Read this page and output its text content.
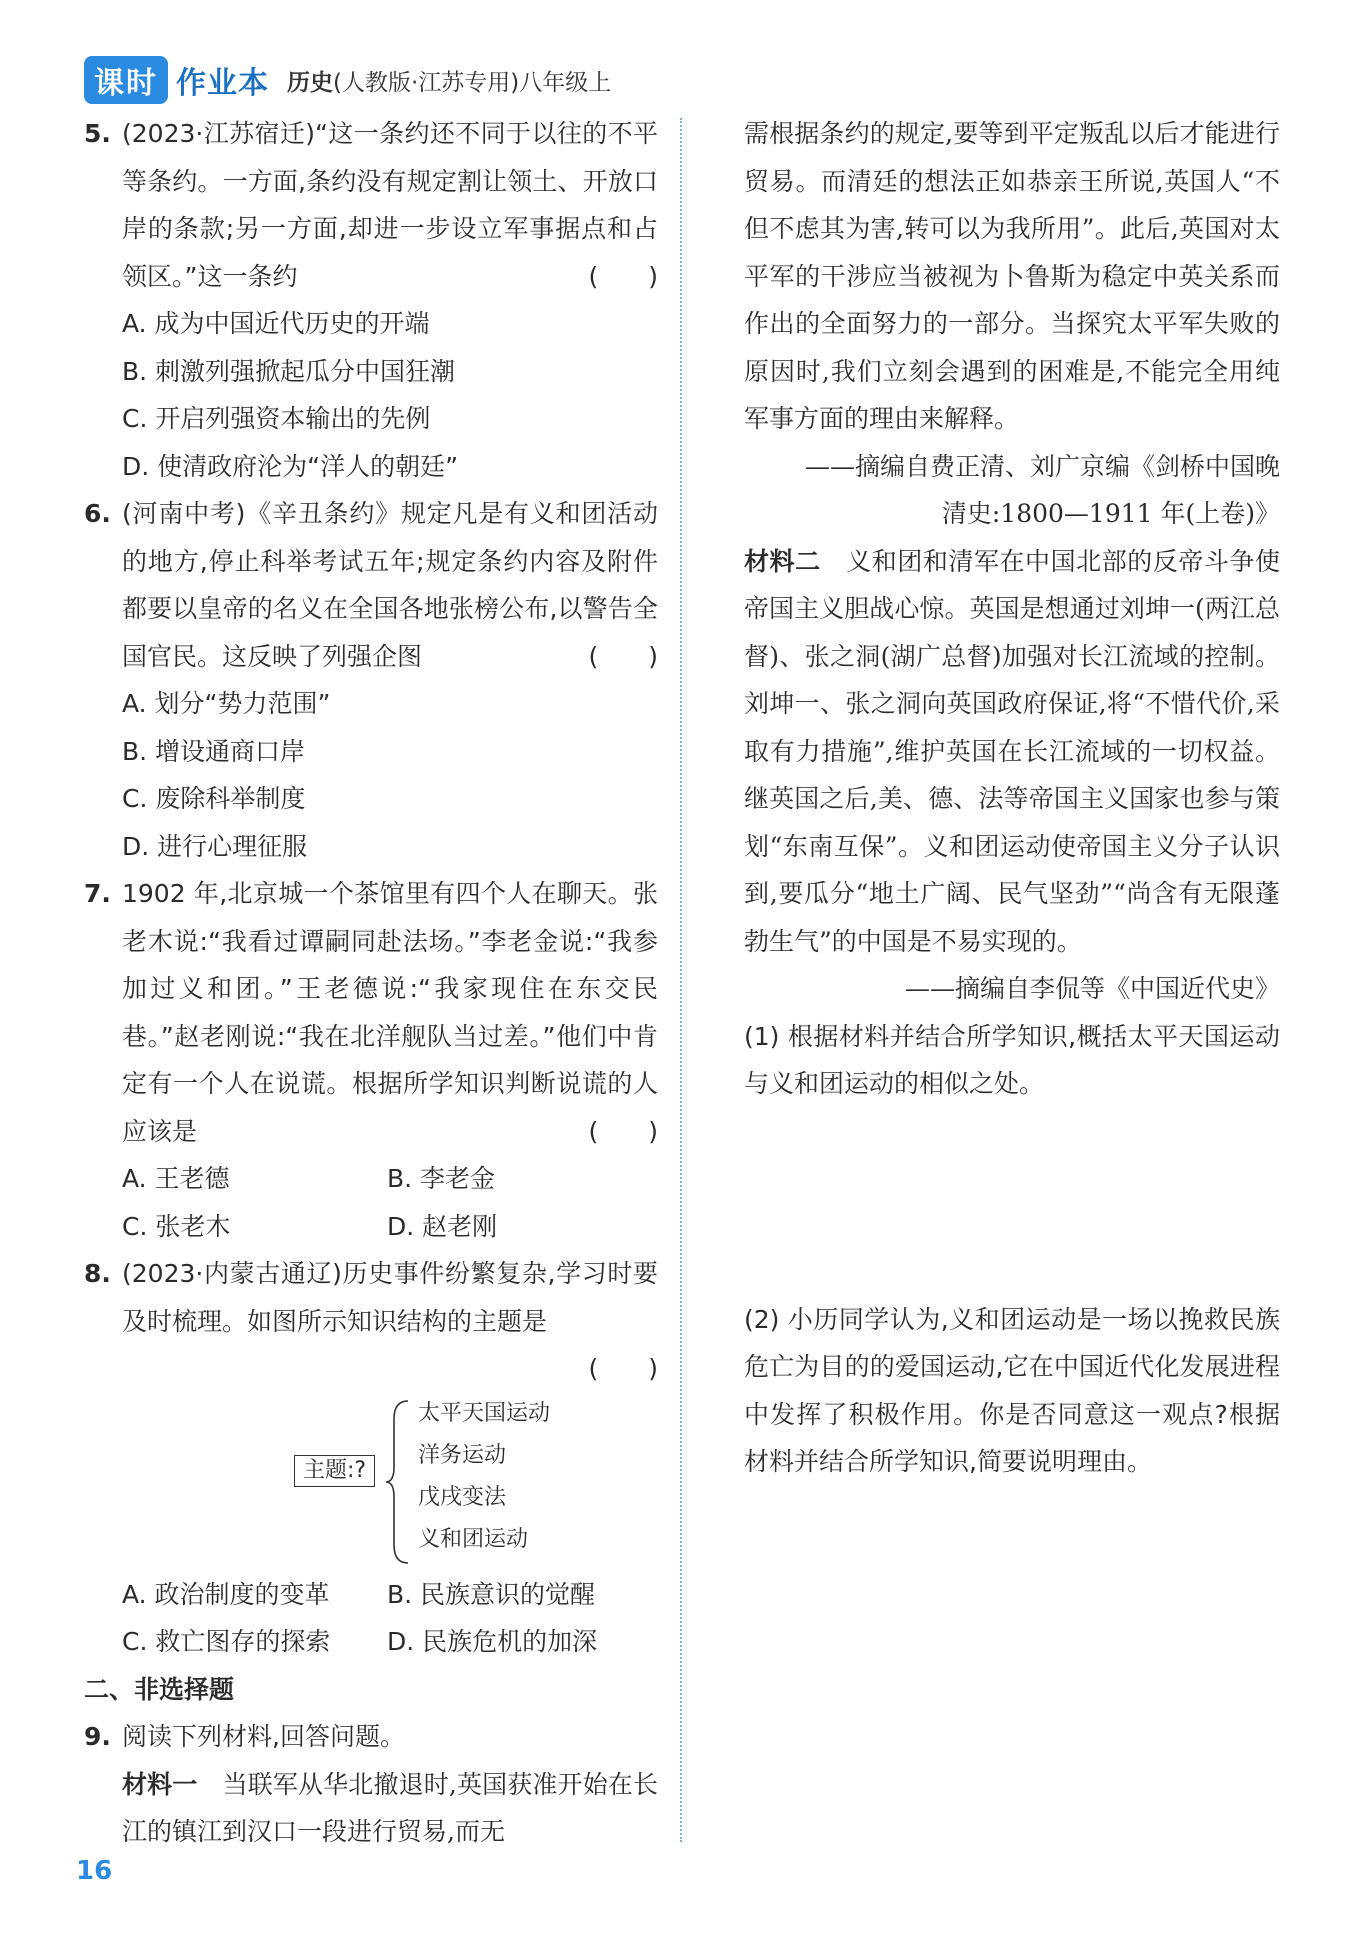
课时 作业本 历史(人教版·江苏专用)八年级上
5. (2023·江苏宿迁)“这一条约还不同于以往的不平等条约。一方面,条约没有规定割让领土、开放口岸的条款;另一方面,却进一步设立军事据点和占领区。”这一条约	(　　)
A. 成为中国近代历史的开端
B. 刺激列强掀起瓜分中国狂潮
C. 开启列强资本输出的先例
D. 使清政府沦为“洋人的朝廷”
6. (河南中考)《辛丑条约》规定凡是有义和团活动的地方,停止科举考试五年;规定条约内容及附件都要以皇帝的名义在全国各地张榜公布,以警告全国官民。这反映了列强企图	(　　)
A. 划分“势力范围”
B. 增设通商口岸
C. 废除科举制度
D. 进行心理征服
7. 1902 年,北京城一个茶馆里有四个人在聊天。张老木说:“我看过谭嗣同赴法场。”李老金说:“我参加过义和团。”王老德说:“我家现住在东交民巷。”赵老刚说:“我在北洋舰队当过差。”他们中肯定有一个人在说谎。根据所学知识判断说谎的人应该是	(　　)
A. 王老德	B. 李老金
C. 张老木	D. 赵老刚
8. (2023·内蒙古通辽)历史事件纷繁复杂,学习时要及时梳理。如图所示知识结构的主题是
(　　)
主题:?
太平天国运动
洋务运动
戊戌变法
义和团运动
A. 政治制度的变革	B. 民族意识的觉醒
C. 救亡图存的探索	D. 民族危机的加深
二、非选择题
9. 阅读下列材料,回答问题。
材料一　 当联军从华北撤退时,英国获准开始在长江的镇江到汉口一段进行贸易,而无
需根据条约的规定,要等到平定叛乱以后才能进行贸易。而清廷的想法正如恭亲王所说,英国人“不但不虑其为害,转可以为我所用”。此后,英国对太平军的干涉应当被视为卜鲁斯为稳定中英关系而作出的全面努力的一部分。当探究太平军失败的原因时,我们立刻会遇到的困难是,不能完全用纯军事方面的理由来解释。
——摘编自费正清、刘广京编《剑桥中国晚
清史:1800—1911 年(上卷)》
材料二　 义和团和清军在中国北部的反帝斗争使帝国主义胆战心惊。英国是想通过刘坤一(两江总督)、张之洞(湖广总督)加强对长江流域的控制。刘坤一、张之洞向英国政府保证,将“不惜代价,采取有力措施”,维护英国在长江流域的一切权益。继英国之后,美、德、法等帝国主义国家也参与策划“东南互保”。义和团运动使帝国主义分子认识到,要瓜分“地土广阔、民气坚劲”“尚含有无限蓬勃生气”的中国是不易实现的。
——摘编自李侃等《中国近代史》
(1) 根据材料并结合所学知识,概括太平天国运动与义和团运动的相似之处。
(2) 小历同学认为,义和团运动是一场以挽救民族危亡为目的的爱国运动,它在中国近代化发展进程中发挥了积极作用。你是否同意这一观点?根据材料并结合所学知识,简要说明理由。
16
